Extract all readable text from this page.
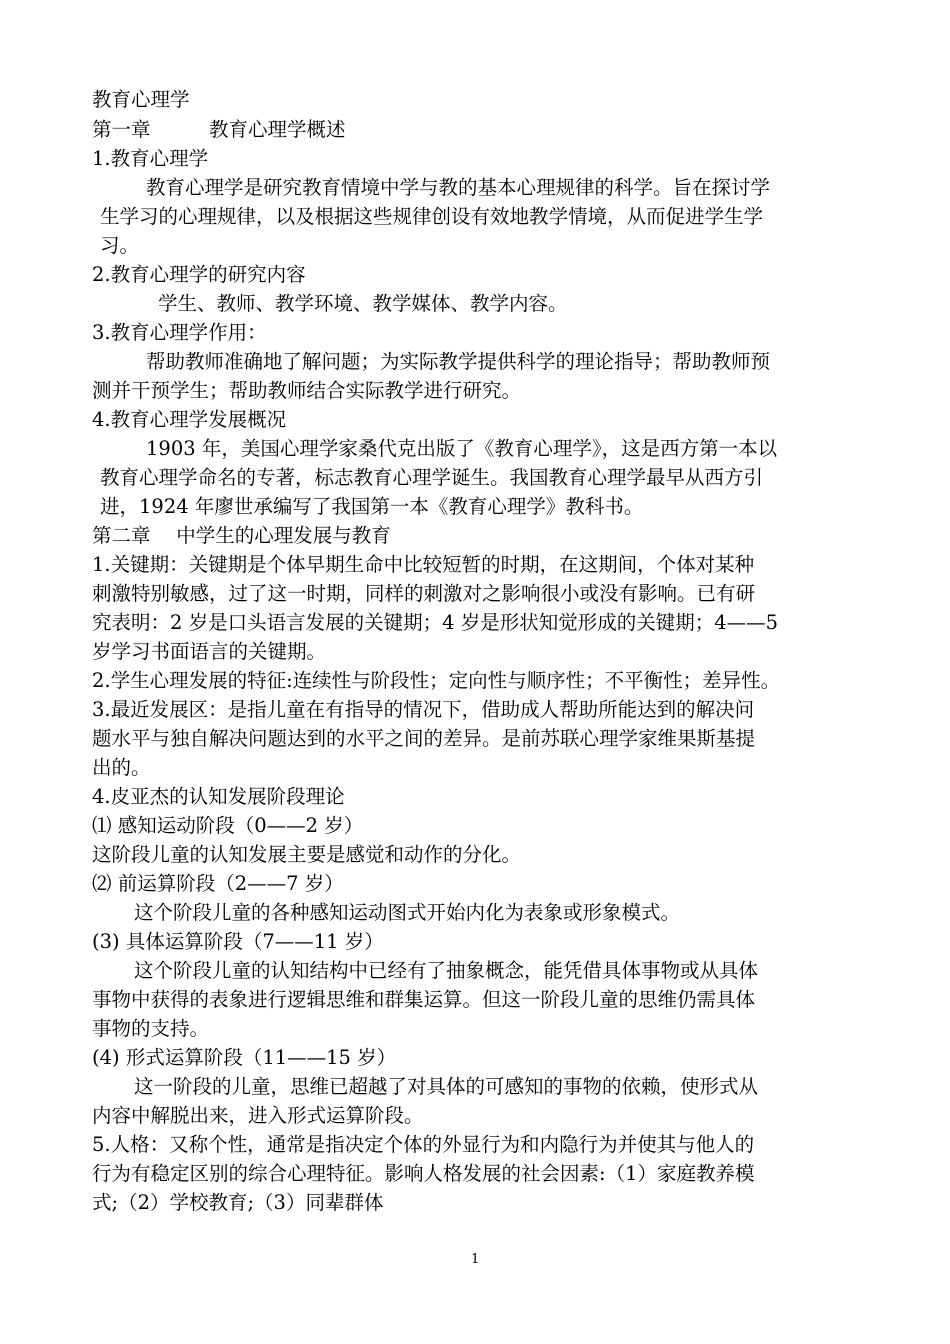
教育心理学
第一章　　　教育心理学概述
1.教育心理学
教育心理学是研究教育情境中学与教的基本心理规律的科学。旨在探讨学
生学习的心理规律，以及根据这些规律创设有效地教学情境，从而促进学生学
习。
2.教育心理学的研究内容
学生、教师、教学环境、教学媒体、教学内容。
3.教育心理学作用：
帮助教师准确地了解问题；为实际教学提供科学的理论指导；帮助教师预
测并干预学生；帮助教师结合实际教学进行研究。
4.教育心理学发展概况
1903 年，美国心理学家桑代克出版了《教育心理学》，这是西方第一本以
教育心理学命名的专著，标志教育心理学诞生。我国教育心理学最早从西方引
进，1924 年廖世承编写了我国第一本《教育心理学》教科书。
第二章　 中学生的心理发展与教育
1.关键期：关键期是个体早期生命中比较短暂的时期，在这期间，个体对某种
刺激特别敏感，过了这一时期，同样的刺激对之影响很小或没有影响。已有研
究表明：2 岁是口头语言发展的关键期；4 岁是形状知觉形成的关键期；4——5
岁学习书面语言的关键期。
2.学生心理发展的特征:连续性与阶段性；定向性与顺序性；不平衡性；差异性。
3.最近发展区：是指儿童在有指导的情况下，借助成人帮助所能达到的解决问
题水平与独自解决问题达到的水平之间的差异。是前苏联心理学家维果斯基提
出的。
4.皮亚杰的认知发展阶段理论
⑴ 感知运动阶段（0——2 岁）
这阶段儿童的认知发展主要是感觉和动作的分化。
⑵ 前运算阶段（2——7 岁）
这个阶段儿童的各种感知运动图式开始内化为表象或形象模式。
(3) 具体运算阶段（7——11 岁）
这个阶段儿童的认知结构中已经有了抽象概念，能凭借具体事物或从具体
事物中获得的表象进行逻辑思维和群集运算。但这一阶段儿童的思维仍需具体
事物的支持。
(4) 形式运算阶段（11——15 岁）
这一阶段的儿童，思维已超越了对具体的可感知的事物的依赖，使形式从
内容中解脱出来，进入形式运算阶段。
5.人格：又称个性，通常是指决定个体的外显行为和内隐行为并使其与他人的
行为有稳定区别的综合心理特征。影响人格发展的社会因素:（1）家庭教养模
式;（2）学校教育;（3）同辈群体
1
